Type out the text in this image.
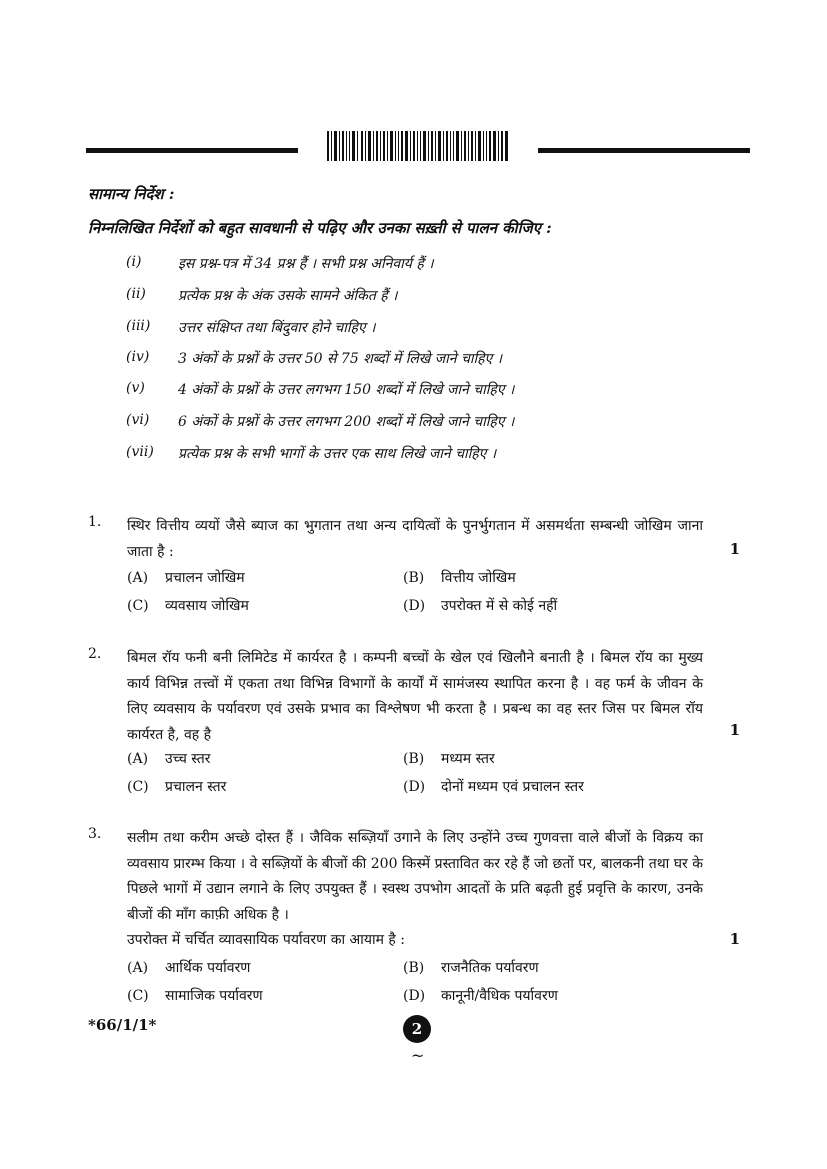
सामान्य निर्देश :
निम्नलिखित निर्देशों को बहुत सावधानी से पढ़िए और उनका सख़्ती से पालन कीजिए :
(i)	इस प्रश्न-पत्र में 34 प्रश्न हैं । सभी प्रश्न अनिवार्य हैं ।
(ii)	प्रत्येक प्रश्न के अंक उसके सामने अंकित हैं ।
(iii)	उत्तर संक्षिप्त तथा बिंदुवार होने चाहिए ।
(iv)	3 अंकों के प्रश्नों के उत्तर 50 से 75 शब्दों में लिखे जाने चाहिए ।
(v)	4 अंकों के प्रश्नों के उत्तर लगभग 150 शब्दों में लिखे जाने चाहिए ।
(vi)	6 अंकों के प्रश्नों के उत्तर लगभग 200 शब्दों में लिखे जाने चाहिए ।
(vii)	प्रत्येक प्रश्न के सभी भागों के उत्तर एक साथ लिखे जाने चाहिए ।
1. स्थिर वित्तीय व्ययों जैसे ब्याज का भुगतान तथा अन्य दायित्वों के पुनर्भुगतान में असमर्थता सम्बन्धी जोखिम जाना जाता है :	1
(A) प्रचालन जोखिम	(B) वित्तीय जोखिम
(C) व्यवसाय जोखिम	(D) उपरोक्त में से कोई नहीं
2. बिमल रॉय फनी बनी लिमिटेड में कार्यरत है । कम्पनी बच्चों के खेल एवं खिलौने बनाती है । बिमल रॉय का मुख्य कार्य विभिन्न तत्त्वों में एकता तथा विभिन्न विभागों के कार्यों में सामंजस्य स्थापित करना है । वह फर्म के जीवन के लिए व्यवसाय के पर्यावरण एवं उसके प्रभाव का विश्लेषण भी करता है । प्रबन्ध का वह स्तर जिस पर बिमल रॉय कार्यरत है, वह है	1
(A) उच्च स्तर	(B) मध्यम स्तर
(C) प्रचालन स्तर	(D) दोनों मध्यम एवं प्रचालन स्तर
3. सलीम तथा करीम अच्छे दोस्त हैं । जैविक सब्ज़ियाँ उगाने के लिए उन्होंने उच्च गुणवत्ता वाले बीजों के विक्रय का व्यवसाय प्रारम्भ किया । वे सब्ज़ियों के बीजों की 200 किस्में प्रस्तावित कर रहे हैं जो छतों पर, बालकनी तथा घर के पिछले भागों में उद्यान लगाने के लिए उपयुक्त हैं । स्वस्थ उपभोग आदतों के प्रति बढ़ती हुई प्रवृत्ति के कारण, उनके बीजों की माँग काफ़ी अधिक है ।
उपरोक्त में चर्चित व्यावसायिक पर्यावरण का आयाम है :	1
(A) आर्थिक पर्यावरण	(B) राजनैतिक पर्यावरण
(C) सामाजिक पर्यावरण	(D) कानूनी/वैधिक पर्यावरण
*66/1/1*	2
~
